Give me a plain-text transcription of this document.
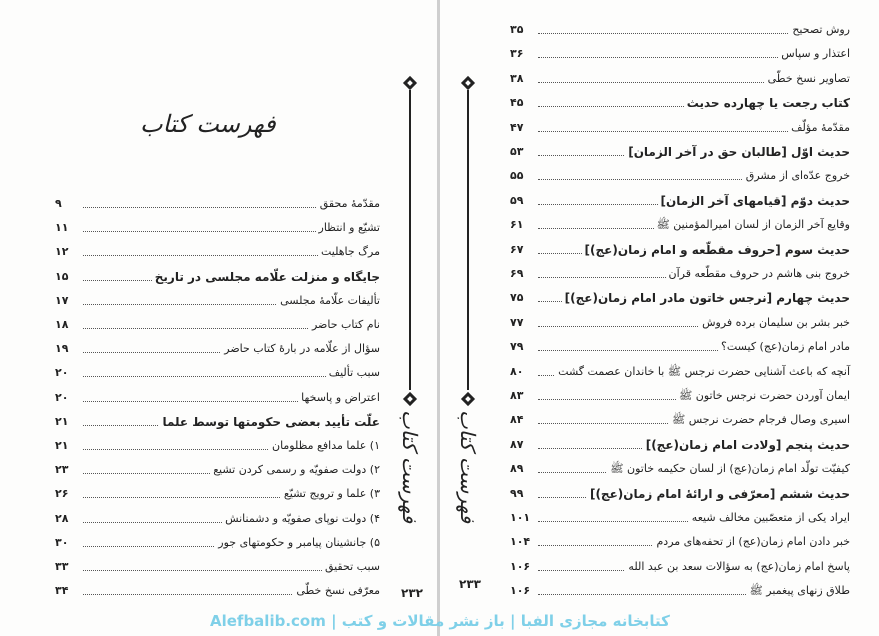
فهرست کتاب
مقدّمهٔ محقق
۹
تشیّع و انتظار
۱۱
مرگ جاهلیت
۱۲
جایگاه و منزلت علّامه مجلسی در تاریخ
۱۵
تألیفات علّامهٔ مجلسی
۱۷
نام کتاب حاضر
۱۸
سؤال از علّامه در بارهٔ کتاب حاضر
۱۹
سبب تألیف
۲۰
اعتراض و پاسخها
۲۰
علّت تأیید بعضی حکومتها توسط علما
۲۱
۱) علما مدافع مظلومان
۲۱
۲) دولت صفویّه و رسمی کردن تشیع
۲۳
۳) علما و ترویج تشیّع
۲۶
۴) دولت نوپای صفویّه و دشمنانش
۲۸
۵) جانشینان پیامبر و حکومتهای جور
۳۰
سبب تحقیق
۳۳
معرّفی نسخ خطّی
۳۴
فهرست کتاب
۲۳۲
روش تصحیح
۳۵
اعتذار و سپاس
۳۶
تصاویر نسخ خطّی
۳۸
کتاب رجعت یا چهارده حدیث
۴۵
مقدّمهٔ مؤلّف
۴۷
حدیث اوّل [طالبان حق در آخر الزمان]
۵۳
خروج عدّه‌ای از مشرق
۵۵
حدیث دوّم [قیامهای آخر الزمان]
۵۹
وقایع آخر الزمان از لسان امیرالمؤمنین ﷺ
۶۱
حدیث سوم [حروف مقطّعه و امام زمان(عج)]
۶۷
خروج بنی هاشم در حروف مقطّعه قرآن
۶۹
حدیث چهارم [نرجس خاتون مادر امام زمان(عج)]
۷۵
خبر بشر بن سلیمان برده فروش
۷۷
مادر امام زمان(عج) کیست؟
۷۹
آنچه که باعث آشنایی حضرت نرجس ﷺ با خاندان عصمت گشت
۸۰
ایمان آوردن حضرت نرجس خاتون ﷺ
۸۳
اسیری وصال فرجام حضرت نرجس ﷺ
۸۴
حدیث پنجم [ولادت امام زمان(عج)]
۸۷
کیفیّت تولّد امام زمان(عج) از لسان حکیمه خاتون ﷺ
۸۹
حدیث ششم [معرّفی و ارائهٔ امام زمان(عج)]
۹۹
ایراد یکی از متعصّبین مخالف شیعه
۱۰۱
خبر دادن امام زمان(عج) از تحفه‌های مردم
۱۰۴
پاسخ امام زمان(عج) به سؤالات سعد بن عبد الله
۱۰۶
طلاق زنهای پیغمبر ﷺ
۱۰۶
فهرست کتاب
۲۳۳
Alefbalib.com | کتابخانه مجازی الفبا | باز نشر مقالات و کتب
